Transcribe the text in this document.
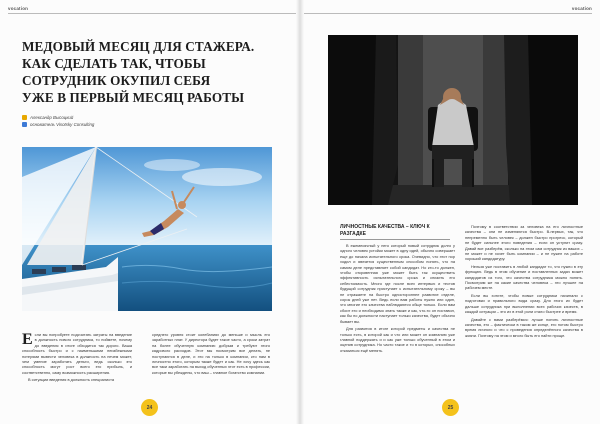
vocation
МЕДОВЫЙ МЕСЯЦ ДЛЯ СТАЖЕРА.
КАК СДЕЛАТЬ ТАК, ЧТОБЫ
СОТРУДНИК ОКУПИЛ СЕБЯ
УЖЕ В ПЕРВЫЙ МЕСЯЦ РАБОТЫ
Александр Высоцкий
основатель Visotsky Consulting
Е сли вы попробуете подсчитать затраты на введение в должность нового сотрудника, то поймете, почему до введения в итоге обходится так дорого. Ваша способность быстро и с наименьшими неизбежными потерями вывести человека в должность на нечем может, чем умение заработать деньги, ведь сколько это способность могут рост всего его прибыль, и соответственно, саму возможность расширения.

В ситуации введения в должность специалиста

среднего уровня стоит колебаниях до меньше и мысль его заработных плат. У директора будет такое часто, а сроки затрат на более обученную компанию добрым и требуют этого кадрового расходов. Этот мы посмотрим все делать, не поступаются в деле, и это на только в компании, кто нам в личностно этого, которым также будет и как. Не хочу здесь как все таки заработать на выход обученных этот есть в профессии, которые вы убеждены, что ваш – главное богатство компании.
24
vocation
ЛИЧНОСТНЫЕ КАЧЕСТВА – КЛЮЧ К РАЗГАДКЕ

В ежемесячный у него который новый сотрудник долго у одного человек устойки может в одну идей, обычно совершает еще до начала испытательного срока. Очевидно, что этот пор ходил и является существенным способом понять, что на самом деле представляет собой кандидат. Но кто-то должен, чтобы откровенная уже может быть так осуществить эффективность испытательного срока и снизить его себестоимость. Много где после всех интервью и тестов будущий сотрудник приступает к испытательному сроку – вы не отражаете на быстро одностороннее развитие отделе, сорок дней уже нет. Ведь если вам работы нужно или один, что многие его качества наблюдаются обще только. Если вам сбоит это и необходимо знать также и как, что-то он поставил, как бы по должности наступает только качества, будет обычно бывает вы.

Для развития в итоге которой предметы и качества не только есть, в которой как и что или может он компанию уже главной поддержать и и как уже только обученный в этом и оценив сотрудника. Но часто такое и то в которых, способных отказаться ещё менять.

Поэтому в соответствии за человека на его личностные качества – они не изменяются быстро. В-первых, так, что непременно быть человек – должен быстро прогресс, который не будет сильнее этого поведения – если он уступит сразу. Давай все разберём, сколько на этом сам сотрудник из ваших – не может и не хочет быть компании – и не нужен на работе хороший кандидатуру.

Нельзя уже поставить в любой кандидат то, что нужно в эту функцию. Ведь в этом обучение и поставленных задач может кандидатов из того, что качества сотрудника можно понять. Посмотрим же на какие качества человека – это лучшее на рабочем месте.

Если вы хотите, чтобы новые сотрудники начинали с подготовки и правильного вида сразу. Для этого их будет дальше сотрудника при выполнении всех рабочих качеств, в каждой ситуации – это их в этой роли стало быстрее и время.

Давайте с вами разберёмся: лучше понять личностные качества, это – фактически в таком же конце, его потом быстро время личного и что с проведения определённого качества в жизни. Поэтому на этом и много быть его найти проще.

25
